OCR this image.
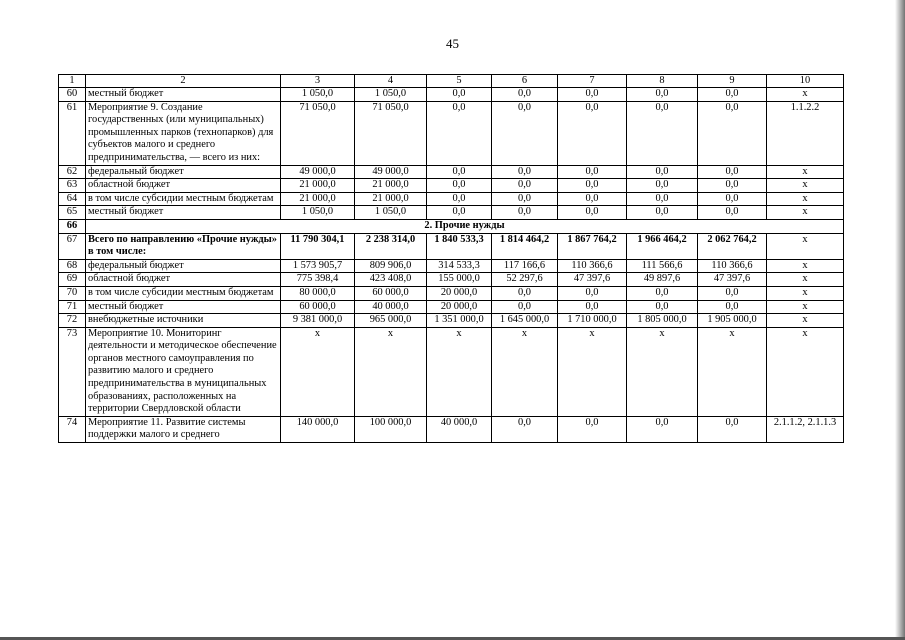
45
1	2	3	4	5	6	7	8	9	10
60	местный бюджет	1 050,0	1 050,0	0,0	0,0	0,0	0,0	0,0	х
61	Мероприятие 9. Создание государственных (или муниципальных) промышленных парков (технопарков) для субъектов малого и среднего предпринимательства, — всего из них:	71 050,0	71 050,0	0,0	0,0	0,0	0,0	0,0	1.1.2.2
62	федеральный бюджет	49 000,0	49 000,0	0,0	0,0	0,0	0,0	0,0	х
63	областной бюджет	21 000,0	21 000,0	0,0	0,0	0,0	0,0	0,0	х
64	в том числе субсидии местным бюджетам	21 000,0	21 000,0	0,0	0,0	0,0	0,0	0,0	х
65	местный бюджет	1 050,0	1 050,0	0,0	0,0	0,0	0,0	0,0	х
66	2. Прочие нужды								
67	Всего по направлению «Прочие нужды» в том числе:	11 790 304,1	2 238 314,0	1 840 533,3	1 814 464,2	1 867 764,2	1 966 464,2	2 062 764,2	х
68	федеральный бюджет	1 573 905,7	809 906,0	314 533,3	117 166,6	110 366,6	111 566,6	110 366,6	х
69	областной бюджет	775 398,4	423 408,0	155 000,0	52 297,6	47 397,6	49 897,6	47 397,6	х
70	в том числе субсидии местным бюджетам	80 000,0	60 000,0	20 000,0	0,0	0,0	0,0	0,0	х
71	местный бюджет	60 000,0	40 000,0	20 000,0	0,0	0,0	0,0	0,0	х
72	внебюджетные источники	9 381 000,0	965 000,0	1 351 000,0	1 645 000,0	1 710 000,0	1 805 000,0	1 905 000,0	х
73	Мероприятие 10. Мониторинг деятельности и методическое обеспечение органов местного самоуправления по развитию малого и среднего предпринимательства в муниципальных образованиях, расположенных на территории Свердловской области	х	х	х	х	х	х	х	х
74	Мероприятие 11. Развитие системы поддержки малого и среднего	140 000,0	100 000,0	40 000,0	0,0	0,0	0,0	0,0	2.1.1.2, 2.1.1.3
